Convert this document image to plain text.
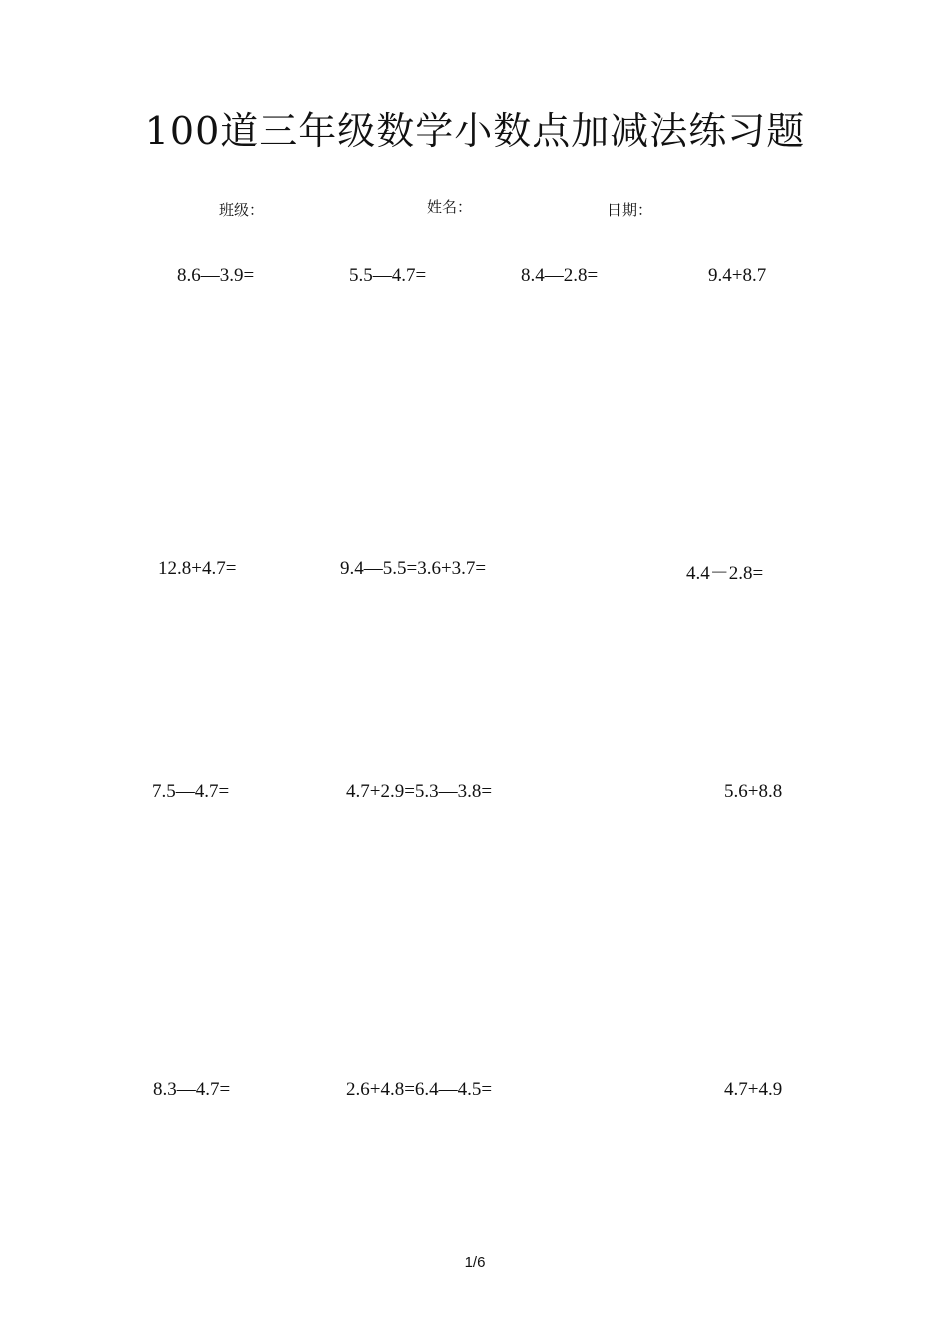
100道三年级数学小数点加减法练习题
班级：	姓名：	日期：
8.6—3.9=	5.5—4.7=	8.4—2.8=	9.4+8.7
12.8+4.7=	9.4—5.5=3.6+3.7=	4.4－2.8=
7.5—4.7=	4.7+2.9=5.3—3.8=	5.6+8.8
8.3—4.7=	2.6+4.8=6.4—4.5=	4.7+4.9
1/6
